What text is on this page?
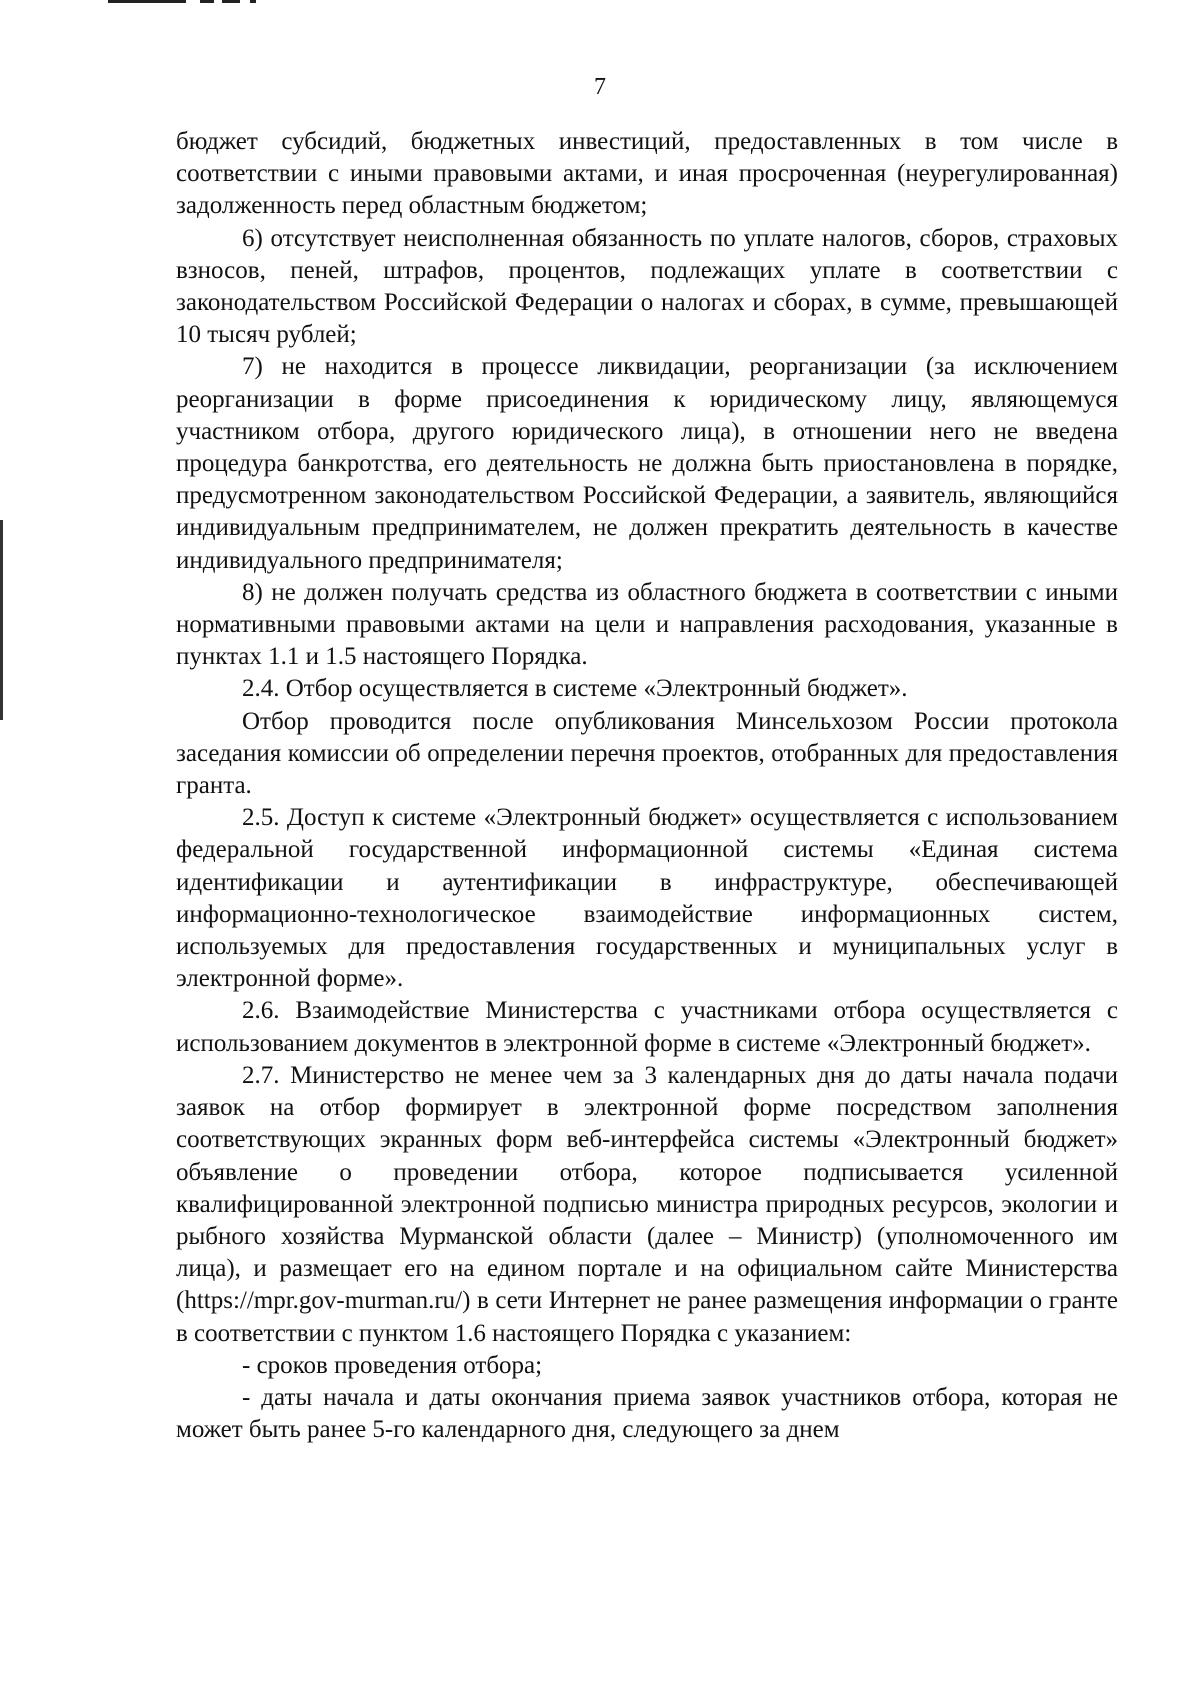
7

бюджет субсидий, бюджетных инвестиций, предоставленных в том числе в соответствии с иными правовыми актами, и иная просроченная (неурегулированная) задолженность перед областным бюджетом;

6) отсутствует неисполненная обязанность по уплате налогов, сборов, страховых взносов, пеней, штрафов, процентов, подлежащих уплате в соответствии с законодательством Российской Федерации о налогах и сборах, в сумме, превышающей 10 тысяч рублей;

7) не находится в процессе ликвидации, реорганизации (за исключением реорганизации в форме присоединения к юридическому лицу, являющемуся участником отбора, другого юридического лица), в отношении него не введена процедура банкротства, его деятельность не должна быть приостановлена в порядке, предусмотренном законодательством Российской Федерации, а заявитель, являющийся индивидуальным предпринимателем, не должен прекратить деятельность в качестве индивидуального предпринимателя;

8) не должен получать средства из областного бюджета в соответствии с иными нормативными правовыми актами на цели и направления расходования, указанные в пунктах 1.1 и 1.5 настоящего Порядка.

2.4. Отбор осуществляется в системе «Электронный бюджет».

Отбор проводится после опубликования Минсельхозом России протокола заседания комиссии об определении перечня проектов, отобранных для предоставления гранта.

2.5. Доступ к системе «Электронный бюджет» осуществляется с использованием федеральной государственной информационной системы «Единая система идентификации и аутентификации в инфраструктуре, обеспечивающей информационно-технологическое взаимодействие информационных систем, используемых для предоставления государственных и муниципальных услуг в электронной форме».

2.6. Взаимодействие Министерства с участниками отбора осуществляется с использованием документов в электронной форме в системе «Электронный бюджет».

2.7. Министерство не менее чем за 3 календарных дня до даты начала подачи заявок на отбор формирует в электронной форме посредством заполнения соответствующих экранных форм веб-интерфейса системы «Электронный бюджет» объявление о проведении отбора, которое подписывается усиленной квалифицированной электронной подписью министра природных ресурсов, экологии и рыбного хозяйства Мурманской области (далее – Министр) (уполномоченного им лица), и размещает его на едином портале и на официальном сайте Министерства (https://mpr.gov-murman.ru/) в сети Интернет не ранее размещения информации о гранте в соответствии с пунктом 1.6 настоящего Порядка с указанием:

- сроков проведения отбора;

- даты начала и даты окончания приема заявок участников отбора, которая не может быть ранее 5-го календарного дня, следующего за днем
